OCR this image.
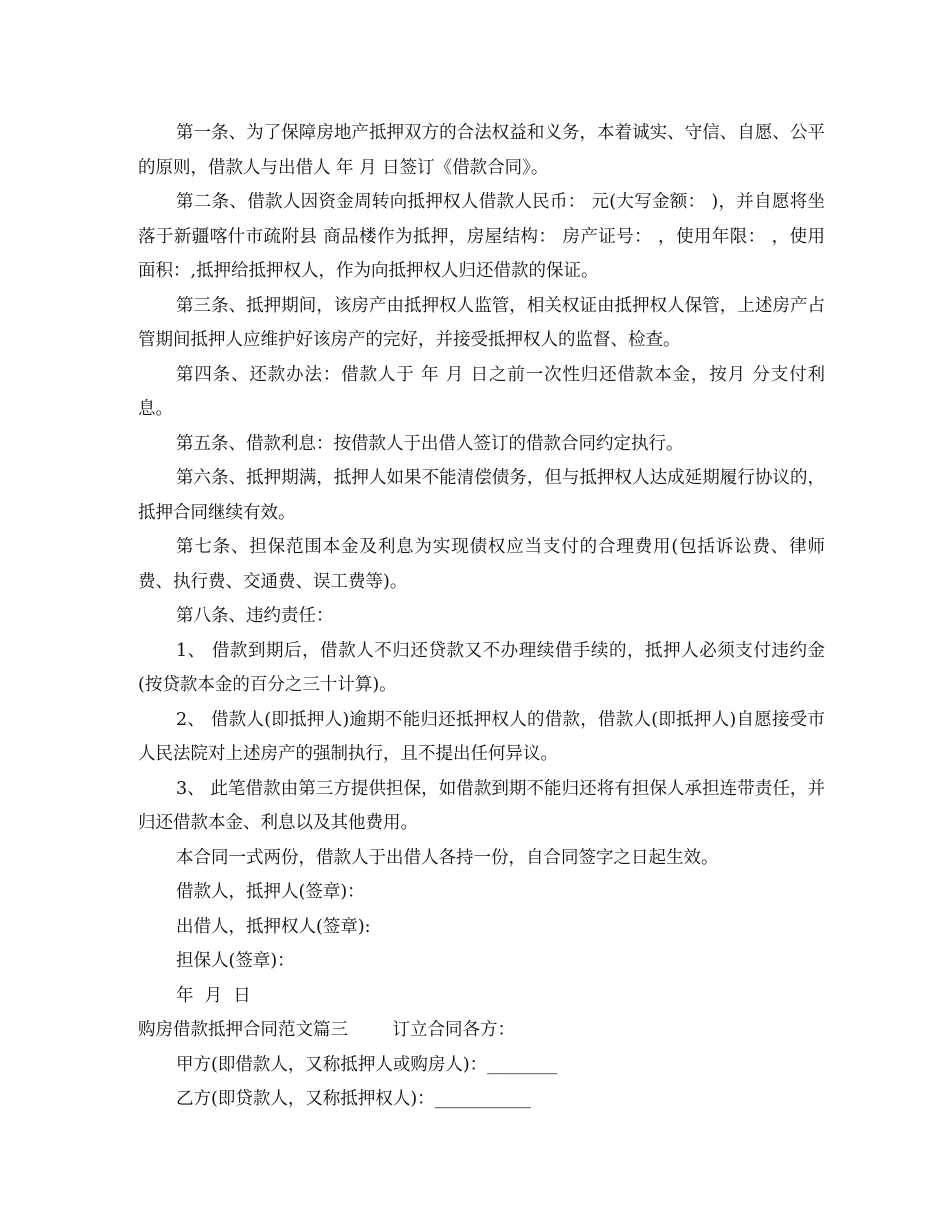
第一条、为了保障房地产抵押双方的合法权益和义务，本着诚实、守信、自愿、公平的原则，借款人与出借人 年 月 日签订《借款合同》。

第二条、借款人因资金周转向抵押权人借款人民币： 元(大写金额： )，并自愿将坐落于新疆喀什市疏附县 商品楼作为抵押，房屋结构： 房产证号： ，使用年限： ，使用面积：,抵押给抵押权人，作为向抵押权人归还借款的保证。

第三条、抵押期间，该房产由抵押权人监管，相关权证由抵押权人保管，上述房产占管期间抵押人应维护好该房产的完好，并接受抵押权人的监督、检查。

第四条、还款办法：借款人于 年 月 日之前一次性归还借款本金，按月 分支付利息。

第五条、借款利息：按借款人于出借人签订的借款合同约定执行。

第六条、抵押期满，抵押人如果不能清偿债务，但与抵押权人达成延期履行协议的，抵押合同继续有效。

第七条、担保范围本金及利息为实现债权应当支付的合理费用(包括诉讼费、律师费、执行费、交通费、误工费等)。

第八条、违约责任：

1、 借款到期后，借款人不归还贷款又不办理续借手续的，抵押人必须支付违约金(按贷款本金的百分之三十计算)。

2、 借款人(即抵押人)逾期不能归还抵押权人的借款，借款人(即抵押人)自愿接受市人民法院对上述房产的强制执行，且不提出任何异议。

3、 此笔借款由第三方提供担保，如借款到期不能归还将有担保人承担连带责任，并归还借款本金、利息以及其他费用。

本合同一式两份，借款人于出借人各持一份，自合同签字之日起生效。

借款人，抵押人(签章)：

出借人，抵押权人(签章):

担保人(签章)：

年  月  日

购房借款抵押合同范文篇三        订立合同各方：

甲方(即借款人，又称抵押人或购房人)：________

乙方(即贷款人，又称抵押权人)：___________
